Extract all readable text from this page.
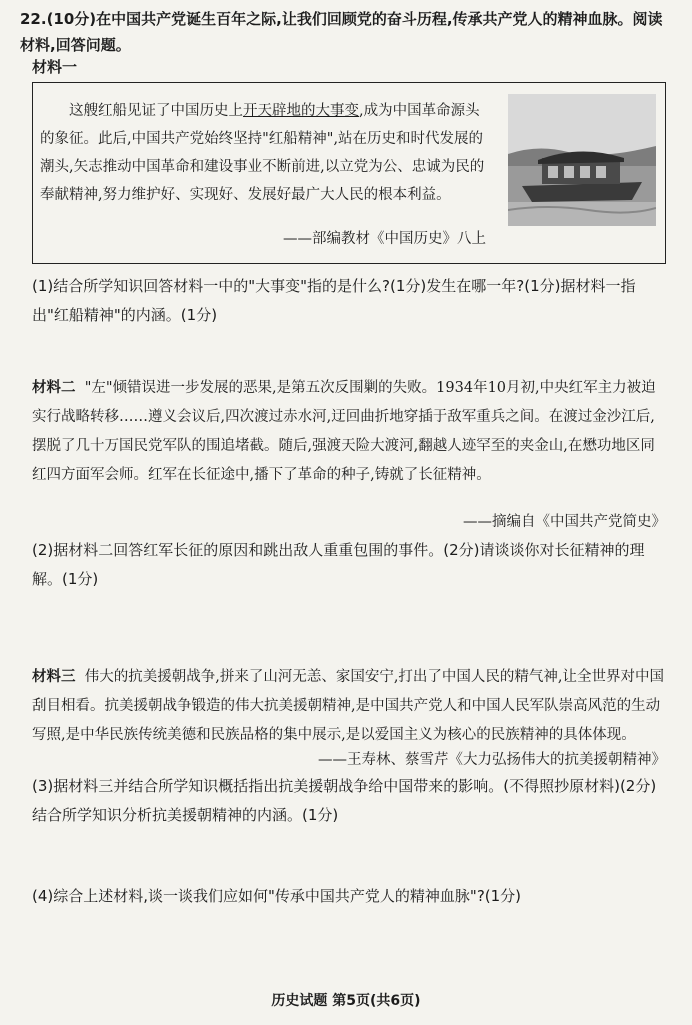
22.(10分)在中国共产党诞生百年之际,让我们回顾党的奋斗历程,传承共产党人的精神血脉。阅读材料,回答问题。
材料一
这艘红船见证了中国历史上开天辟地的大事变,成为中国革命源头的象征。此后,中国共产党始终坚持"红船精神",站在历史和时代发展的潮头,矢志推动中国革命和建设事业不断前进,以立党为公、忠诚为民的奉献精神,努力维护好、实现好、发展好最广大人民的根本利益。
——部编教材《中国历史》八上
(1)结合所学知识回答材料一中的"大事变"指的是什么?(1分)发生在哪一年?(1分)据材料一指出"红船精神"的内涵。(1分)
材料二 "左"倾错误进一步发展的恶果,是第五次反围剿的失败。1934年10月初,中央红军主力被迫实行战略转移……遵义会议后,四次渡过赤水河,迂回曲折地穿插于敌军重兵之间。在渡过金沙江后,摆脱了几十万国民党军队的围追堵截。随后,强渡天险大渡河,翻越人迹罕至的夹金山,在懋功地区同红四方面军会师。红军在长征途中,播下了革命的种子,铸就了长征精神。
——摘编自《中国共产党简史》
(2)据材料二回答红军长征的原因和跳出敌人重重包围的事件。(2分)请谈谈你对长征精神的理解。(1分)
材料三 伟大的抗美援朝战争,拼来了山河无恙、家国安宁,打出了中国人民的精气神,让全世界对中国刮目相看。抗美援朝战争锻造的伟大抗美援朝精神,是中国共产党人和中国人民军队崇高风范的生动写照,是中华民族传统美德和民族品格的集中展示,是以爱国主义为核心的民族精神的具体体现。
——王寿林、蔡雪芹《大力弘扬伟大的抗美援朝精神》
(3)据材料三并结合所学知识概括指出抗美援朝战争给中国带来的影响。(不得照抄原材料)(2分)结合所学知识分析抗美援朝精神的内涵。(1分)
(4)综合上述材料,谈一谈我们应如何"传承中国共产党人的精神血脉"?(1分)
历史试题 第5页(共6页)
